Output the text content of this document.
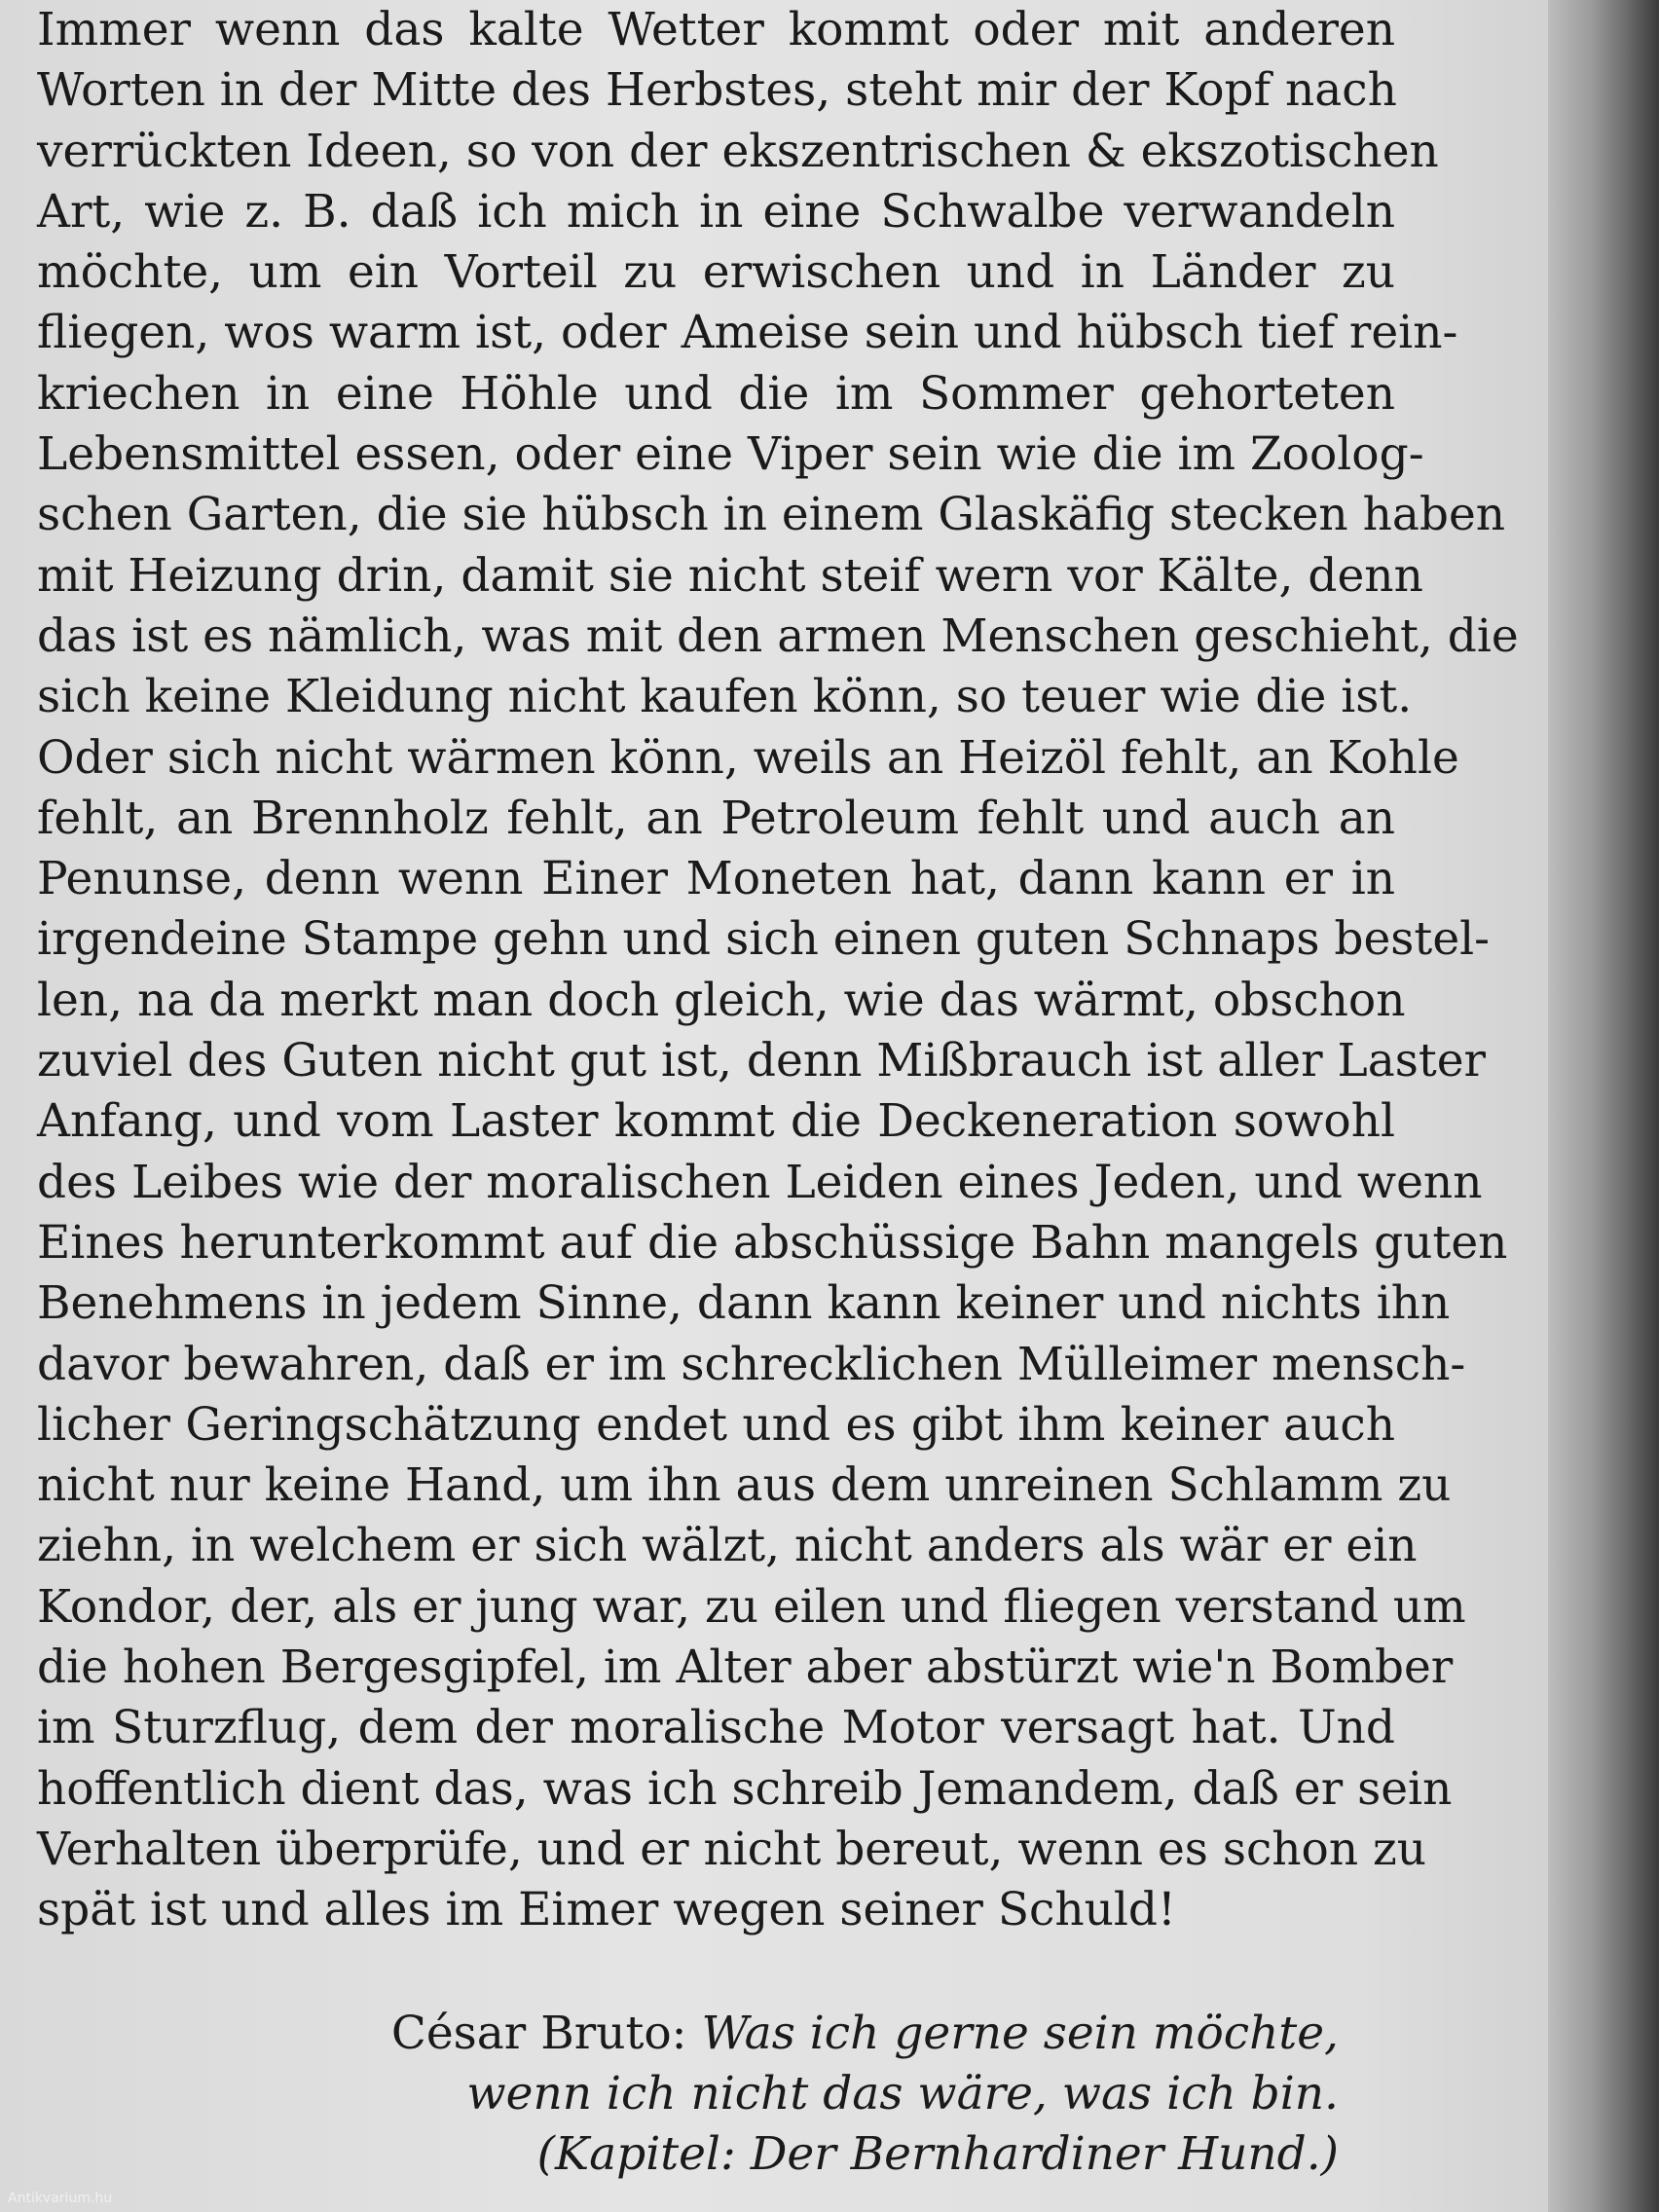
Immer wenn das kalte Wetter kommt oder mit anderen
Worten in der Mitte des Herbstes, steht mir der Kopf nach
verrückten Ideen, so von der ekszentrischen & ekszotischen
Art, wie z. B. daß ich mich in eine Schwalbe verwandeln
möchte, um ein Vorteil zu erwischen und in Länder zu
fliegen, wos warm ist, oder Ameise sein und hübsch tief rein-
kriechen in eine Höhle und die im Sommer gehorteten
Lebensmittel essen, oder eine Viper sein wie die im Zoolog-
schen Garten, die sie hübsch in einem Glaskäfig stecken haben
mit Heizung drin, damit sie nicht steif wern vor Kälte, denn
das ist es nämlich, was mit den armen Menschen geschieht, die
sich keine Kleidung nicht kaufen könn, so teuer wie die ist.
Oder sich nicht wärmen könn, weils an Heizöl fehlt, an Kohle
fehlt, an Brennholz fehlt, an Petroleum fehlt und auch an
Penunse, denn wenn Einer Moneten hat, dann kann er in
irgendeine Stampe gehn und sich einen guten Schnaps bestel-
len, na da merkt man doch gleich, wie das wärmt, obschon
zuviel des Guten nicht gut ist, denn Mißbrauch ist aller Laster
Anfang, und vom Laster kommt die Deckeneration sowohl
des Leibes wie der moralischen Leiden eines Jeden, und wenn
Eines herunterkommt auf die abschüssige Bahn mangels guten
Benehmens in jedem Sinne, dann kann keiner und nichts ihn
davor bewahren, daß er im schrecklichen Mülleimer mensch-
licher Geringschätzung endet und es gibt ihm keiner auch
nicht nur keine Hand, um ihn aus dem unreinen Schlamm zu
ziehn, in welchem er sich wälzt, nicht anders als wär er ein
Kondor, der, als er jung war, zu eilen und fliegen verstand um
die hohen Bergesgipfel, im Alter aber abstürzt wie'n Bomber
im Sturzflug, dem der moralische Motor versagt hat. Und
hoffentlich dient das, was ich schreib Jemandem, daß er sein
Verhalten überprüfe, und er nicht bereut, wenn es schon zu
spät ist und alles im Eimer wegen seiner Schuld!
César Bruto: Was ich gerne sein möchte,
wenn ich nicht das wäre, was ich bin.
(Kapitel: Der Bernhardiner Hund.)
Antikvarium.hu
